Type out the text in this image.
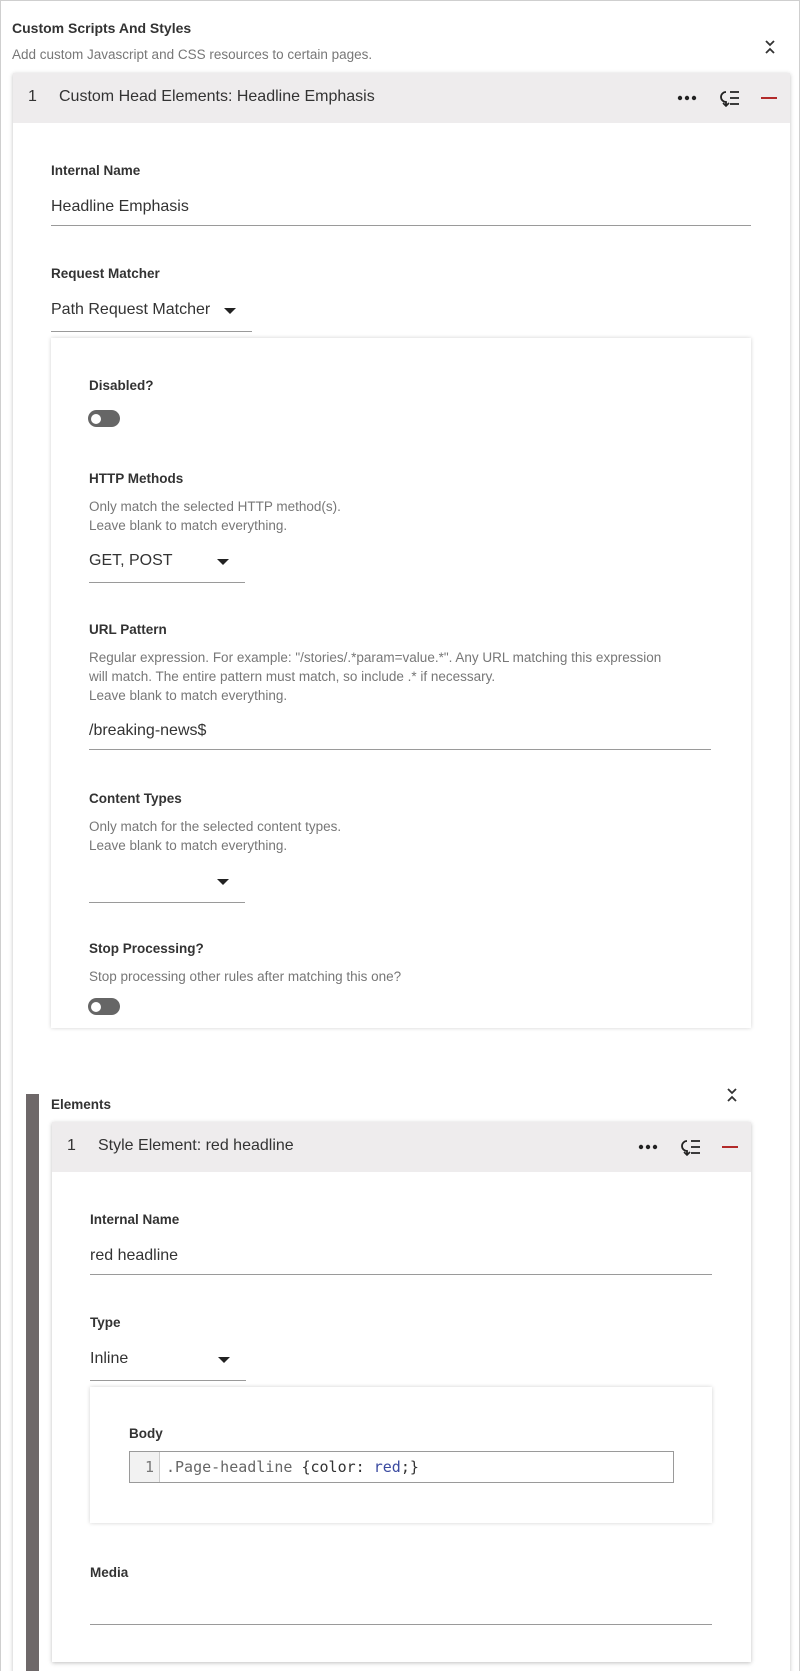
Custom Scripts And Styles
Add custom Javascript and CSS resources to certain pages.
1 Custom Head Elements: Headline Emphasis
Internal Name
Headline Emphasis
Request Matcher
Path Request Matcher
Disabled?
HTTP Methods
Only match the selected HTTP method(s).
Leave blank to match everything.
GET, POST
URL Pattern
Regular expression. For example: "/stories/.*param=value.*". Any URL matching this expression
will match. The entire pattern must match, so include .* if necessary.
Leave blank to match everything.
/breaking-news$
Content Types
Only match for the selected content types.
Leave blank to match everything.
Stop Processing?
Stop processing other rules after matching this one?
Elements
1 Style Element: red headline
Internal Name
red headline
Type
Inline
Body
Media
1 .Page-headline {color: red;}
